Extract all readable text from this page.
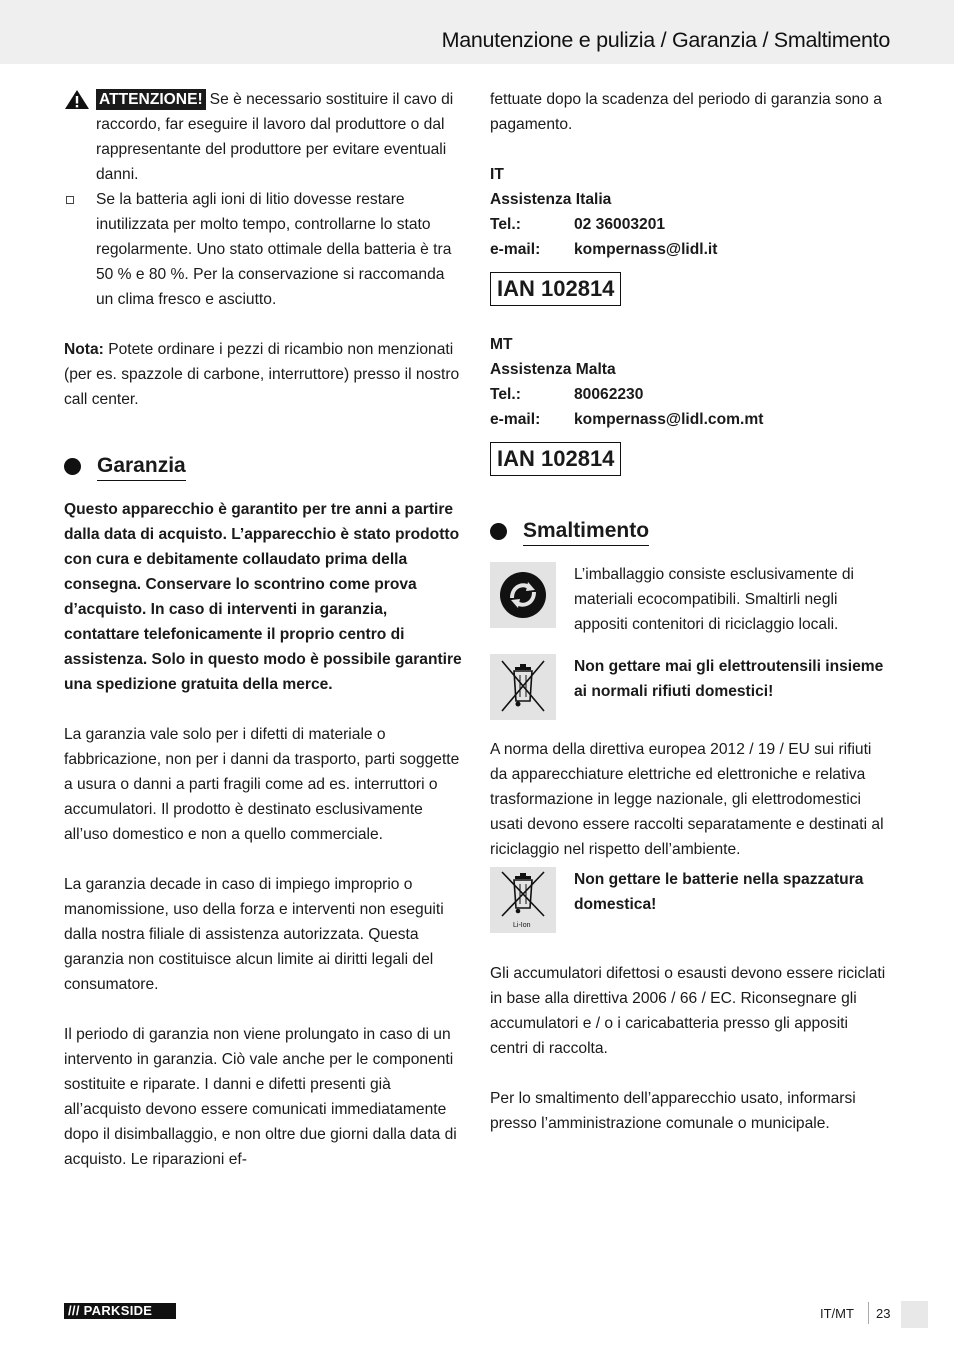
Manutenzione e pulizia / Garanzia / Smaltimento

ATTENZIONE! Se è necessario sostituire il cavo di raccordo, far eseguire il lavoro dal produttore o dal rappresentante del produttore per evitare eventuali danni.

Se la batteria agli ioni di litio dovesse restare inutilizzata per molto tempo, controllarne lo stato regolarmente. Uno stato ottimale della batteria è tra 50 % e 80 %. Per la conservazione si raccomanda un clima fresco e asciutto.

Nota: Potete ordinare i pezzi di ricambio non menzionati (per es. spazzole di carbone, interruttore) presso il nostro call center.

Garanzia

Questo apparecchio è garantito per tre anni a partire dalla data di acquisto. L’apparecchio è stato prodotto con cura e debitamente collaudato prima della consegna. Conservare lo scontrino come prova d’acquisto. In caso di interventi in garanzia, contattare telefonicamente il proprio centro di assistenza. Solo in questo modo è possibile garantire una spedizione gratuita della merce.

La garanzia vale solo per i difetti di materiale o fabbricazione, non per i danni da trasporto, parti soggette a usura o danni a parti fragili come ad es. interruttori o accumulatori. Il prodotto è destinato esclusivamente all’uso domestico e non a quello commerciale.

La garanzia decade in caso di impiego improprio o manomissione, uso della forza e interventi non eseguiti dalla nostra filiale di assistenza autorizzata. Questa garanzia non costituisce alcun limite ai diritti legali del consumatore.

Il periodo di garanzia non viene prolungato in caso di un intervento in garanzia. Ciò vale anche per le componenti sostituite e riparate. I danni e difetti presenti già all’acquisto devono essere comunicati immediatamente dopo il disimballaggio, e non oltre due giorni dalla data di acquisto. Le riparazioni ef-

fettuate dopo la scadenza del periodo di garanzia sono a pagamento.

IT

Assistenza Italia

Tel.:	02 36003201
e-mail:	kompernass@lidl.it
IAN 102814

MT

Assistenza Malta

Tel.:	80062230
e-mail:	kompernass@lidl.com.mt
IAN 102814
Smaltimento

L’imballaggio consiste esclusivamente di materiali ecocompatibili. Smaltirli negli appositi contenitori di riciclaggio locali.

Non gettare mai gli elettroutensili insieme ai normali rifiuti domestici!

A norma della direttiva europea 2012 / 19 / EU sui rifiuti da apparecchiature elettriche ed elettroniche e relativa trasformazione in legge nazionale, gli elettrodomestici usati devono essere raccolti separatamente e destinati al riciclaggio nel rispetto dell’ambiente.

Li-Ion

Non gettare le batterie nella spazzatura domestica!

Gli accumulatori difettosi o esausti devono essere riciclati in base alla direttiva 2006 / 66 / EC. Riconsegnare gli accumulatori e / o i caricabatteria presso gli appositi centri di raccolta.

Per lo smaltimento dell’apparecchio usato, informarsi presso l’amministrazione comunale o municipale.

/// PARKSIDE	IT/MT 23
